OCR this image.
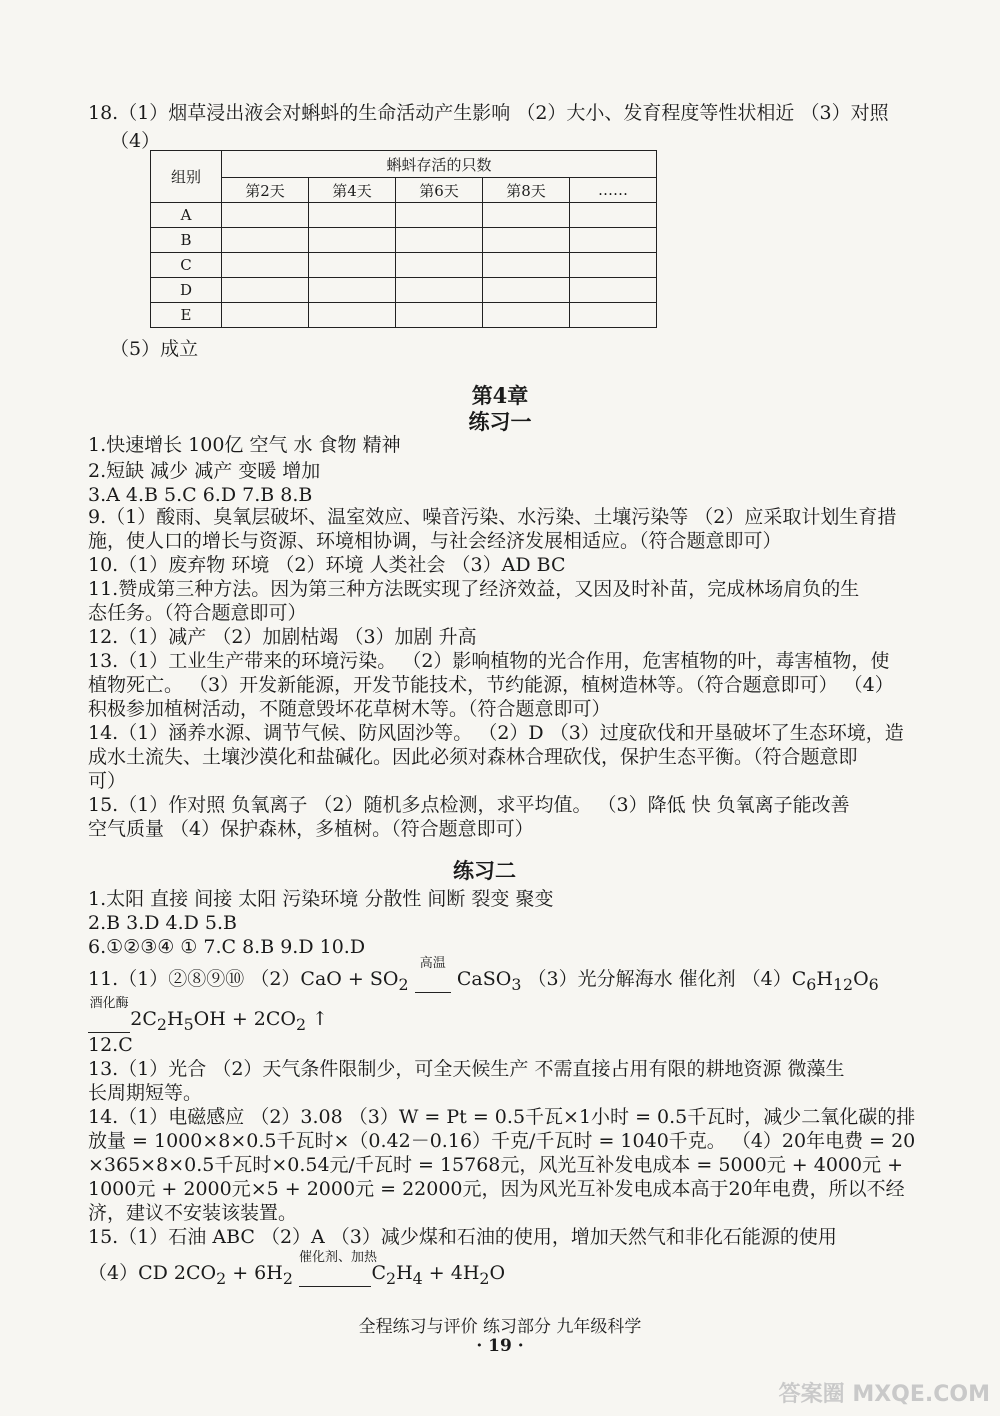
18.（1）烟草浸出液会对蝌蚪的生命活动产生影响 （2）大小、发育程度等性状相近 （3）对照
（4）
组别	蝌蚪存活的只数				
	第2天	第4天	第6天	第8天	……
A					
B					
C					
D					
E					
（5）成立
第4章
练习一
1.快速增长 100亿 空气 水 食物 精神
2.短缺 减少 减产 变暖 增加
3.A 4.B 5.C 6.D 7.B 8.B
9.（1）酸雨、臭氧层破坏、温室效应、噪音污染、水污染、土壤污染等 （2）应采取计划生育措
施，使人口的增长与资源、环境相协调，与社会经济发展相适应。（符合题意即可）
10.（1）废弃物 环境 （2）环境 人类社会 （3）AD BC
11.赞成第三种方法。因为第三种方法既实现了经济效益，又因及时补苗，完成林场肩负的生
态任务。（符合题意即可）
12.（1）减产 （2）加剧枯竭 （3）加剧 升高
13.（1）工业生产带来的环境污染。 （2）影响植物的光合作用，危害植物的叶，毒害植物，使
植物死亡。 （3）开发新能源，开发节能技术，节约能源，植树造林等。（符合题意即可） （4）
积极参加植树活动，不随意毁坏花草树木等。（符合题意即可）
14.（1）涵养水源、调节气候、防风固沙等。 （2）D （3）过度砍伐和开垦破坏了生态环境，造
成水土流失、土壤沙漠化和盐碱化。因此必须对森林合理砍伐，保护生态平衡。（符合题意即
可）
15.（1）作对照 负氧离子 （2）随机多点检测，求平均值。 （3）降低 快 负氧离子能改善
空气质量 （4）保护森林，多植树。（符合题意即可）
练习二
1.太阳 直接 间接 太阳 污染环境 分散性 间断 裂变 聚变
2.B 3.D 4.D 5.B
6.①②③④ ① 7.C 8.B 9.D 10.D
11.（1）②⑧⑨⑩ $(2)CaO + SO_2$
高温
CaSO$_3$ （3）光分解海水 催化剂 $(4)C_6H_{12}O_6$
酒化酶
$2C_2H_5OH + 2CO_2$ ↑
12.C
13.（1）光合 （2）天气条件限制少，可全天候生产 不需直接占用有限的耕地资源 微藻生
长周期短等。
14.（1）电磁感应 （2）3.08 （3）W = Pt = 0.5千瓦×1小时 = 0.5千瓦时，减少二氧化碳的排
放量 = 1000×8×0.5千瓦时×（0.42－0.16）千克/千瓦时 = 1040千克。 （4）20年电费 = 20
×365×8×0.5千瓦时×0.54元/千瓦时 = 15768元，风光互补发电成本 = 5000元 + 4000元 +
1000元 + 2000元×5 + 2000元 = 22000元，因为风光互补发电成本高于20年电费，所以不经
济，建议不安装该装置。
15.（1）石油 ABC （2）A （3）减少煤和石油的使用，增加天然气和非化石能源的使用
（4）CD $2CO_2 + 6H_2$
催化剂、加热
$C_2H_4 + 4H_2O$
全程练习与评价 练习部分 九年级科学
· 19 ·
答案圈 MXQE.COM
